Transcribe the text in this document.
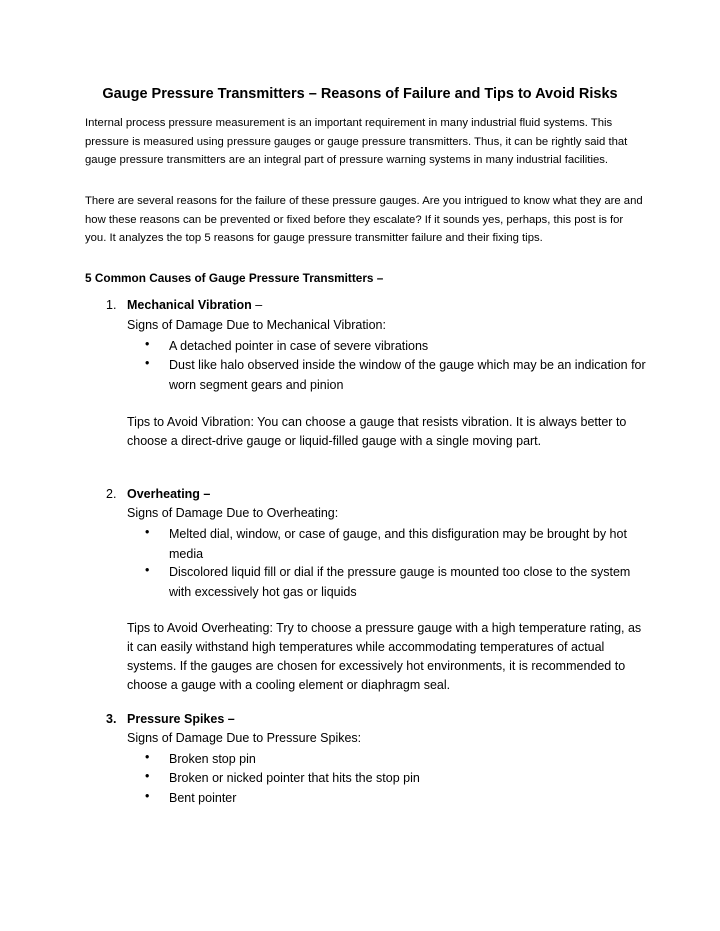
Gauge Pressure Transmitters – Reasons of Failure and Tips to Avoid Risks

Internal process pressure measurement is an important requirement in many industrial fluid systems. This pressure is measured using pressure gauges or gauge pressure transmitters. Thus, it can be rightly said that gauge pressure transmitters are an integral part of pressure warning systems in many industrial facilities.

There are several reasons for the failure of these pressure gauges. Are you intrigued to know what they are and how these reasons can be prevented or fixed before they escalate? If it sounds yes, perhaps, this post is for you. It analyzes the top 5 reasons for gauge pressure transmitter failure and their fixing tips.

5 Common Causes of Gauge Pressure Transmitters –
1. Mechanical Vibration –

Signs of Damage Due to Mechanical Vibration:

• A detached pointer in case of severe vibrations

• Dust like halo observed inside the window of the gauge which may be an indication for worn segment gears and pinion

Tips to Avoid Vibration: You can choose a gauge that resists vibration. It is always better to choose a direct-drive gauge or liquid-filled gauge with a single moving part.

2. Overheating –

Signs of Damage Due to Overheating:

• Melted dial, window, or case of gauge, and this disfiguration may be brought by hot media

• Discolored liquid fill or dial if the pressure gauge is mounted too close to the system with excessively hot gas or liquids

Tips to Avoid Overheating: Try to choose a pressure gauge with a high temperature rating, as it can easily withstand high temperatures while accommodating temperatures of actual systems. If the gauges are chosen for excessively hot environments, it is recommended to choose a gauge with a cooling element or diaphragm seal.

3. Pressure Spikes –

Signs of Damage Due to Pressure Spikes:

• Broken stop pin

• Broken or nicked pointer that hits the stop pin

• Bent pointer
